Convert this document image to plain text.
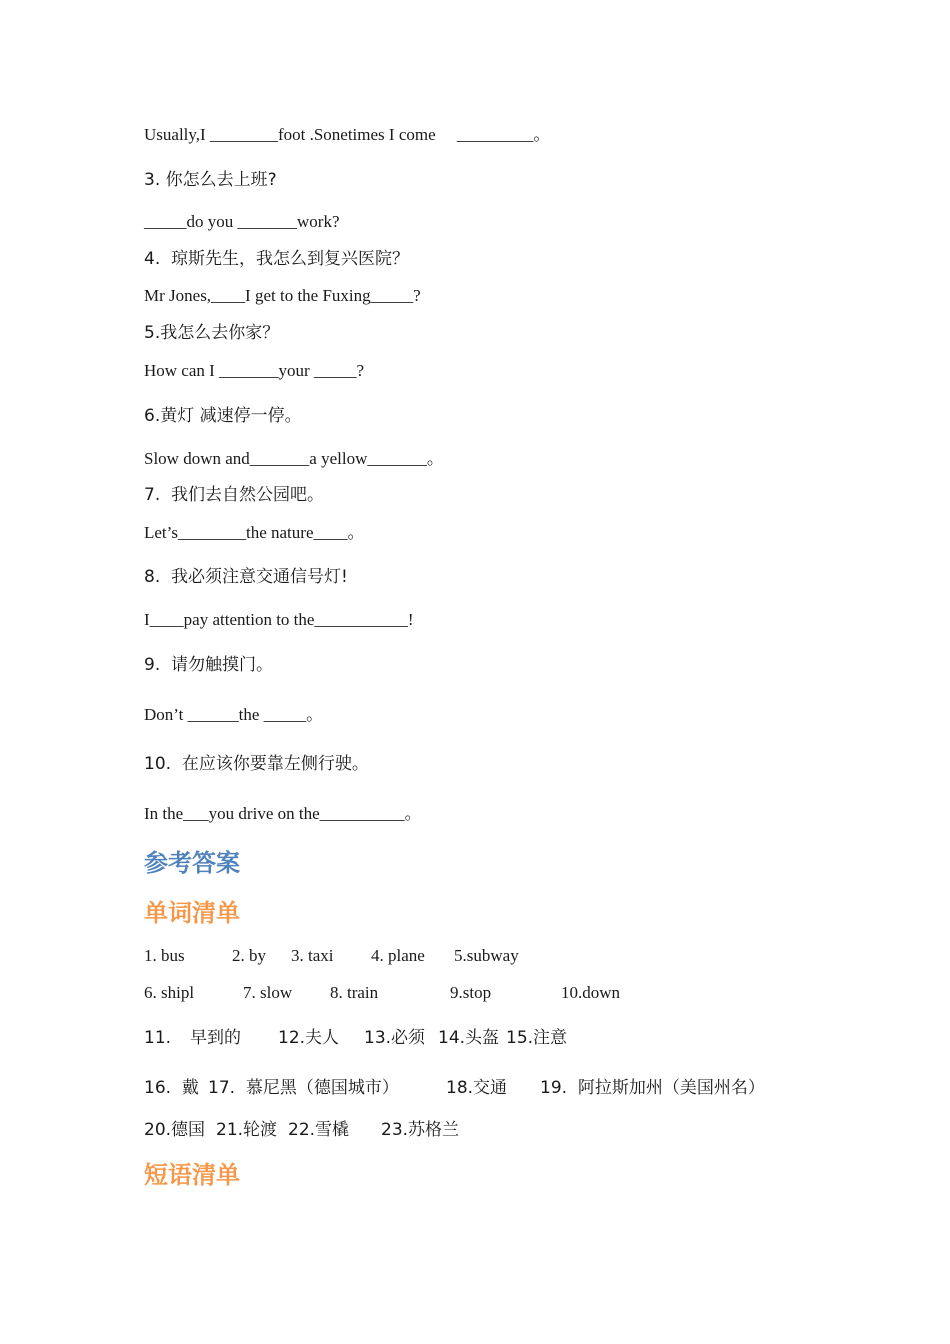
Usually,I ________foot .Sonetimes I come     _________。
3. 你怎么去上班?
_____do you _______work?
4.  琼斯先生，我怎么到复兴医院？
Mr Jones,____I get to the Fuxing_____?
5.我怎么去你家？
How can I _______your _____?
6.黄灯 减速停一停。
Slow down and_______a yellow_______。
7.  我们去自然公园吧。
Let’s________the nature____。
8.  我必须注意交通信号灯!
I____pay attention to the___________!
9.  请勿触摸门。
Don’t ______the _____。
10.  在应该你要靠左侧行驶。
In the___you drive on the__________。
参考答案
单词清单

1. bus

	2. by

3. taxi

4. plane

5.subway

6. shipl

	7. slow

8. train

	9.stop

	10.down

11.

早到的

12.夫人

13.必须

14.头盔

15.注意

16.  戴

17.  慕尼黑（德国城市）

	18.交通

19.  阿拉斯加州（美国州名）

20.德国

21.轮渡

22.雪橇

23.苏格兰

短语清单
